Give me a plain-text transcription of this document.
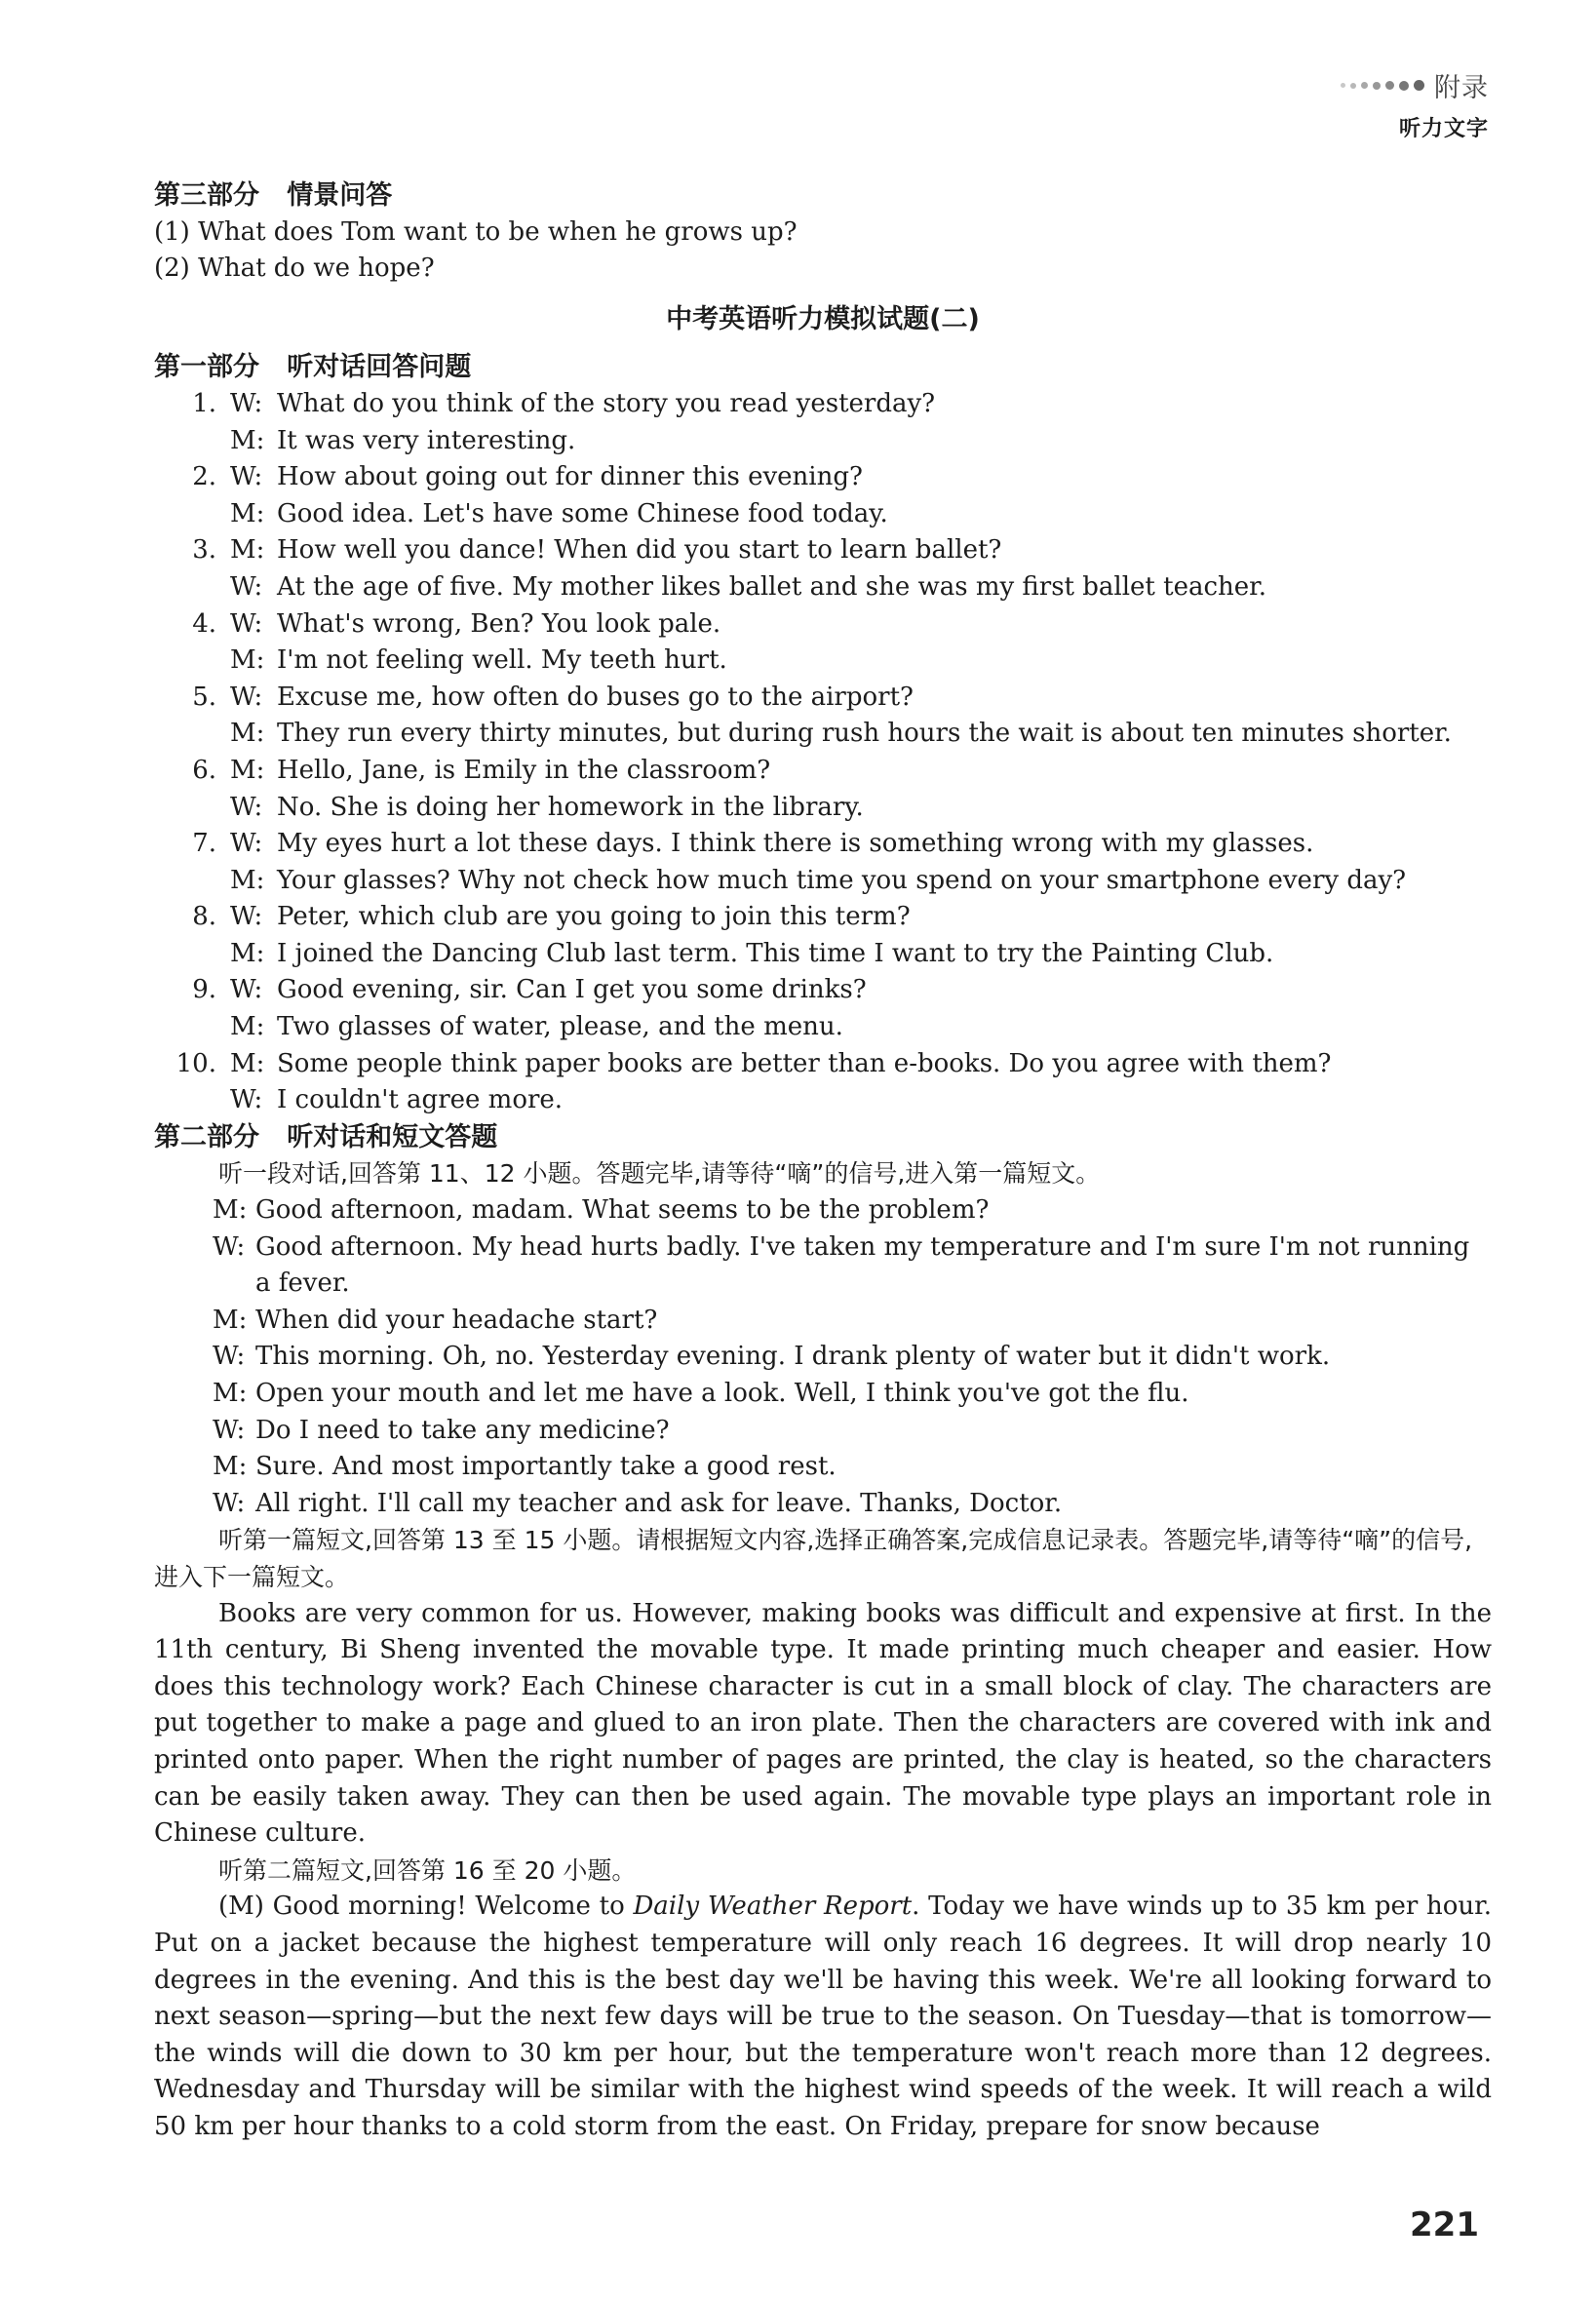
附录
听力文字
第三部分   情景问答
(1) What does Tom want to be when he grows up?
(2) What do we hope?
中考英语听力模拟试题(二)
第一部分   听对话回答问题
1. W: What do you think of the story you read yesterday?
M: It was very interesting.
2. W: How about going out for dinner this evening?
M: Good idea. Let's have some Chinese food today.
3. M: How well you dance! When did you start to learn ballet?
W: At the age of five. My mother likes ballet and she was my first ballet teacher.
4. W: What's wrong, Ben? You look pale.
M: I'm not feeling well. My teeth hurt.
5. W: Excuse me, how often do buses go to the airport?
M: They run every thirty minutes, but during rush hours the wait is about ten minutes shorter.
6. M: Hello, Jane, is Emily in the classroom?
W: No. She is doing her homework in the library.
7. W: My eyes hurt a lot these days. I think there is something wrong with my glasses.
M: Your glasses? Why not check how much time you spend on your smartphone every day?
8. W: Peter, which club are you going to join this term?
M: I joined the Dancing Club last term. This time I want to try the Painting Club.
9. W: Good evening, sir. Can I get you some drinks?
M: Two glasses of water, please, and the menu.
10. M: Some people think paper books are better than e-books. Do you agree with them?
W: I couldn't agree more.
第二部分   听对话和短文答题
听一段对话,回答第 11、12 小题。答题完毕,请等待“嘀”的信号,进入第一篇短文。
M: Good afternoon, madam. What seems to be the problem?
W: Good afternoon. My head hurts badly. I've taken my temperature and I'm sure I'm not running a fever.
M: When did your headache start?
W: This morning. Oh, no. Yesterday evening. I drank plenty of water but it didn't work.
M: Open your mouth and let me have a look. Well, I think you've got the flu.
W: Do I need to take any medicine?
M: Sure. And most importantly take a good rest.
W: All right. I'll call my teacher and ask for leave. Thanks, Doctor.
听第一篇短文,回答第 13 至 15 小题。请根据短文内容,选择正确答案,完成信息记录表。答题完毕,请等待“嘀”的信号,进入下一篇短文。
Books are very common for us. However, making books was difficult and expensive at first. In the 11th century, Bi Sheng invented the movable type. It made printing much cheaper and easier. How does this technology work? Each Chinese character is cut in a small block of clay. The characters are put together to make a page and glued to an iron plate. Then the characters are covered with ink and printed onto paper. When the right number of pages are printed, the clay is heated, so the characters can be easily taken away. They can then be used again. The movable type plays an important role in Chinese culture.
听第二篇短文,回答第 16 至 20 小题。
(M) Good morning! Welcome to Daily Weather Report. Today we have winds up to 35 km per hour. Put on a jacket because the highest temperature will only reach 16 degrees. It will drop nearly 10 degrees in the evening. And this is the best day we'll be having this week. We're all looking forward to next season—spring—but the next few days will be true to the season. On Tuesday—that is tomorrow—the winds will die down to 30 km per hour, but the temperature won't reach more than 12 degrees. Wednesday and Thursday will be similar with the highest wind speeds of the week. It will reach a wild 50 km per hour thanks to a cold storm from the east. On Friday, prepare for snow because
221
